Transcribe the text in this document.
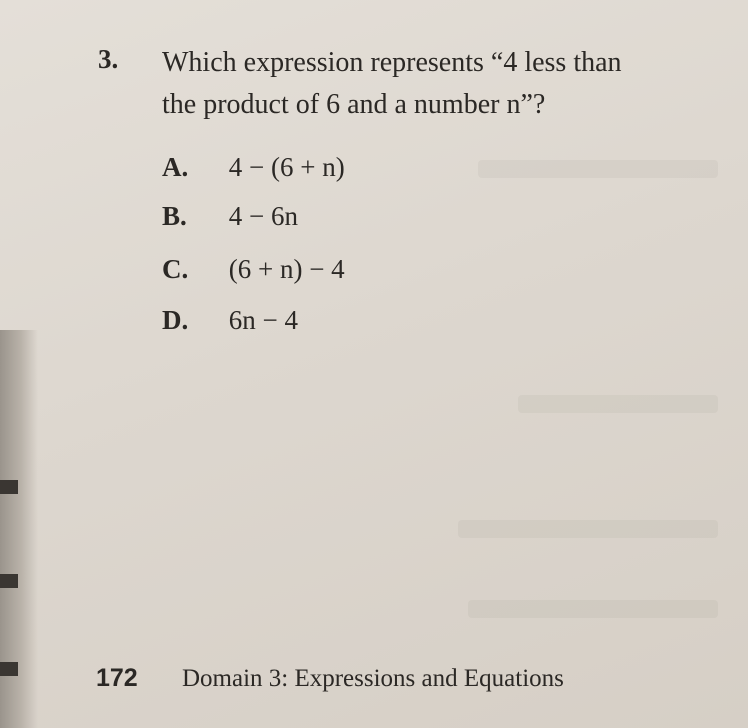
3. Which expression represents “4 less than
the product of 6 and a number n”?
A. 4 − (6 + n)
B. 4 − 6n
C. (6 + n) − 4
D. 6n − 4
172 Domain 3: Expressions and Equations
